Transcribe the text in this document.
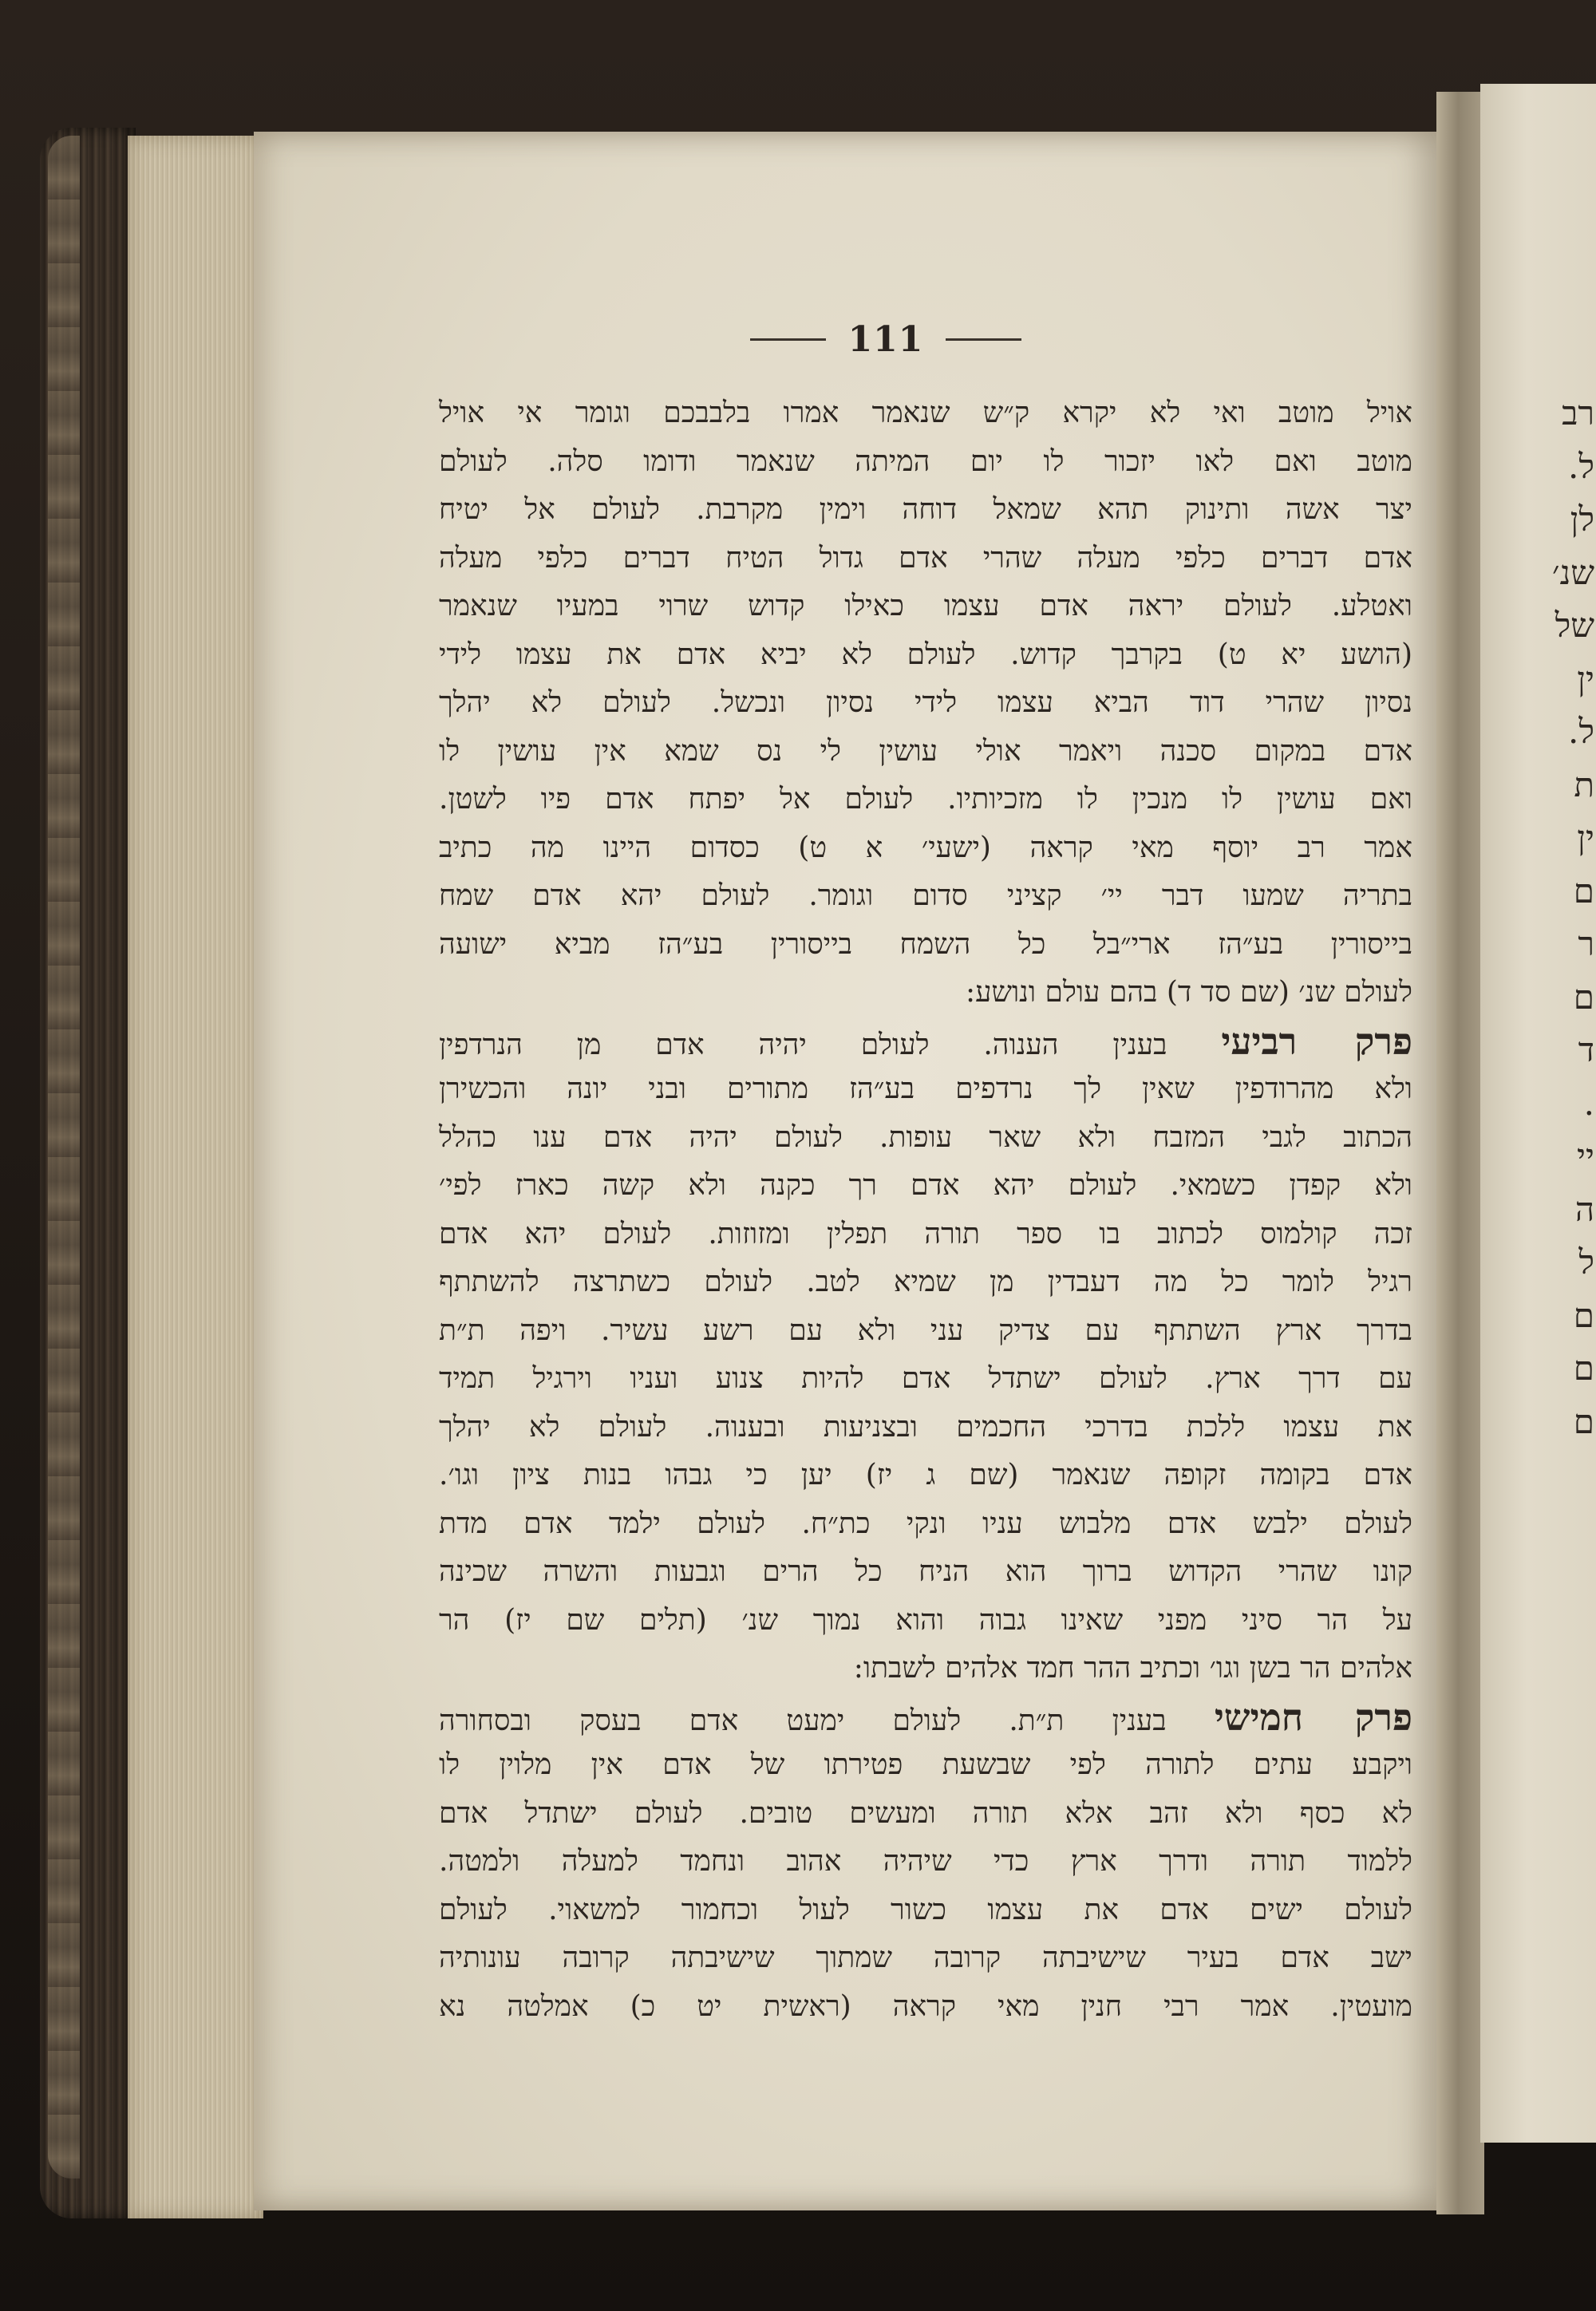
רב
ל.
לן
שנ׳
של
ין
ל.
ת
ין
ם
ר
ם
ד
.
יי
ה
ל
ם
ם
ם
111
אויל מוטב ואי לא יקרא ק״ש שנאמר אמרו בלבבכם וגומר אי אויל
מוטב ואם לאו יזכור לו יום המיתה שנאמר ודומו סלה. לעולם
יצר אשה ותינוק תהא שמאל דוחה וימין מקרבת. לעולם אל יטיח
אדם דברים כלפי מעלה שהרי אדם גדול הטיח דברים כלפי מעלה
ואטלע. לעולם יראה אדם עצמו כאילו קדוש שרוי במעיו שנאמר
(הושע יא ט) בקרבך קדוש. לעולם לא יביא אדם את עצמו לידי
נסיון שהרי דוד הביא עצמו לידי נסיון ונכשל. לעולם לא יהלך
אדם במקום סכנה ויאמר אולי עושין לי נס שמא אין עושין לו
ואם עושין לו מנכין לו מזכיותיו. לעולם אל יפתח אדם פיו לשטן.
אמר רב יוסף מאי קראה (ישעי׳ א ט) כסדום היינו מה כתיב
בתריה שמעו דבר יי׳ קציני סדום וגומר. לעולם יהא אדם שמח
בייסורין בע״הז ארי״בל כל השמח בייסורין בע״הז מביא ישועה
לעולם שנ׳ (שם סד ד) בהם עולם ונושע:
פרק רביעי בענין הענוה. לעולם יהיה אדם מן הנרדפין
ולא מהרודפין שאין לך נרדפים בע״הז מתורים ובני יונה והכשירן
הכתוב לגבי המזבח ולא שאר עופות. לעולם יהיה אדם ענו כהלל
ולא קפדן כשמאי. לעולם יהא אדם רך כקנה ולא קשה כארז לפי׳
זכה קולמוס לכתוב בו ספר תורה תפלין ומזוזות. לעולם יהא אדם
רגיל לומר כל מה דעבדין מן שמיא לטב. לעולם כשתרצה להשתתף
בדרך ארץ השתתף עם צדיק עני ולא עם רשע עשיר. ויפה ת״ת
עם דרך ארץ. לעולם ישתדל אדם להיות צנוע ועניו וירגיל תמיד
את עצמו ללכת בדרכי החכמים ובצניעות ובענוה. לעולם לא יהלך
אדם בקומה זקופה שנאמר (שם ג יז) יען כי גבהו בנות ציון וגו׳.
לעולם ילבש אדם מלבוש עניו ונקי כת״ח. לעולם ילמד אדם מדת
קונו שהרי הקדוש ברוך הוא הניח כל הרים וגבעות והשרה שכינה
על הר סיני מפני שאינו גבוה והוא נמוך שנ׳ (תלים שם יז) הר
אלהים הר בשן וגו׳ וכתיב ההר חמד אלהים לשבתו:
פרק חמישי בענין ת״ת. לעולם ימעט אדם בעסק ובסחורה
ויקבע עתים לתורה לפי שבשעת פטירתו של אדם אין מלוין לו
לא כסף ולא זהב אלא תורה ומעשים טובים. לעולם ישתדל אדם
ללמוד תורה ודרך ארץ כדי שיהיה אהוב ונחמד למעלה ולמטה.
לעולם ישים אדם את עצמו כשור לעול וכחמור למשאוי. לעולם
ישב אדם בעיר שישיבתה קרובה שמתוך שישיבתה קרובה עונותיה
מועטין. אמר רבי חנין מאי קראה (ראשית יט כ) אמלטה נא
